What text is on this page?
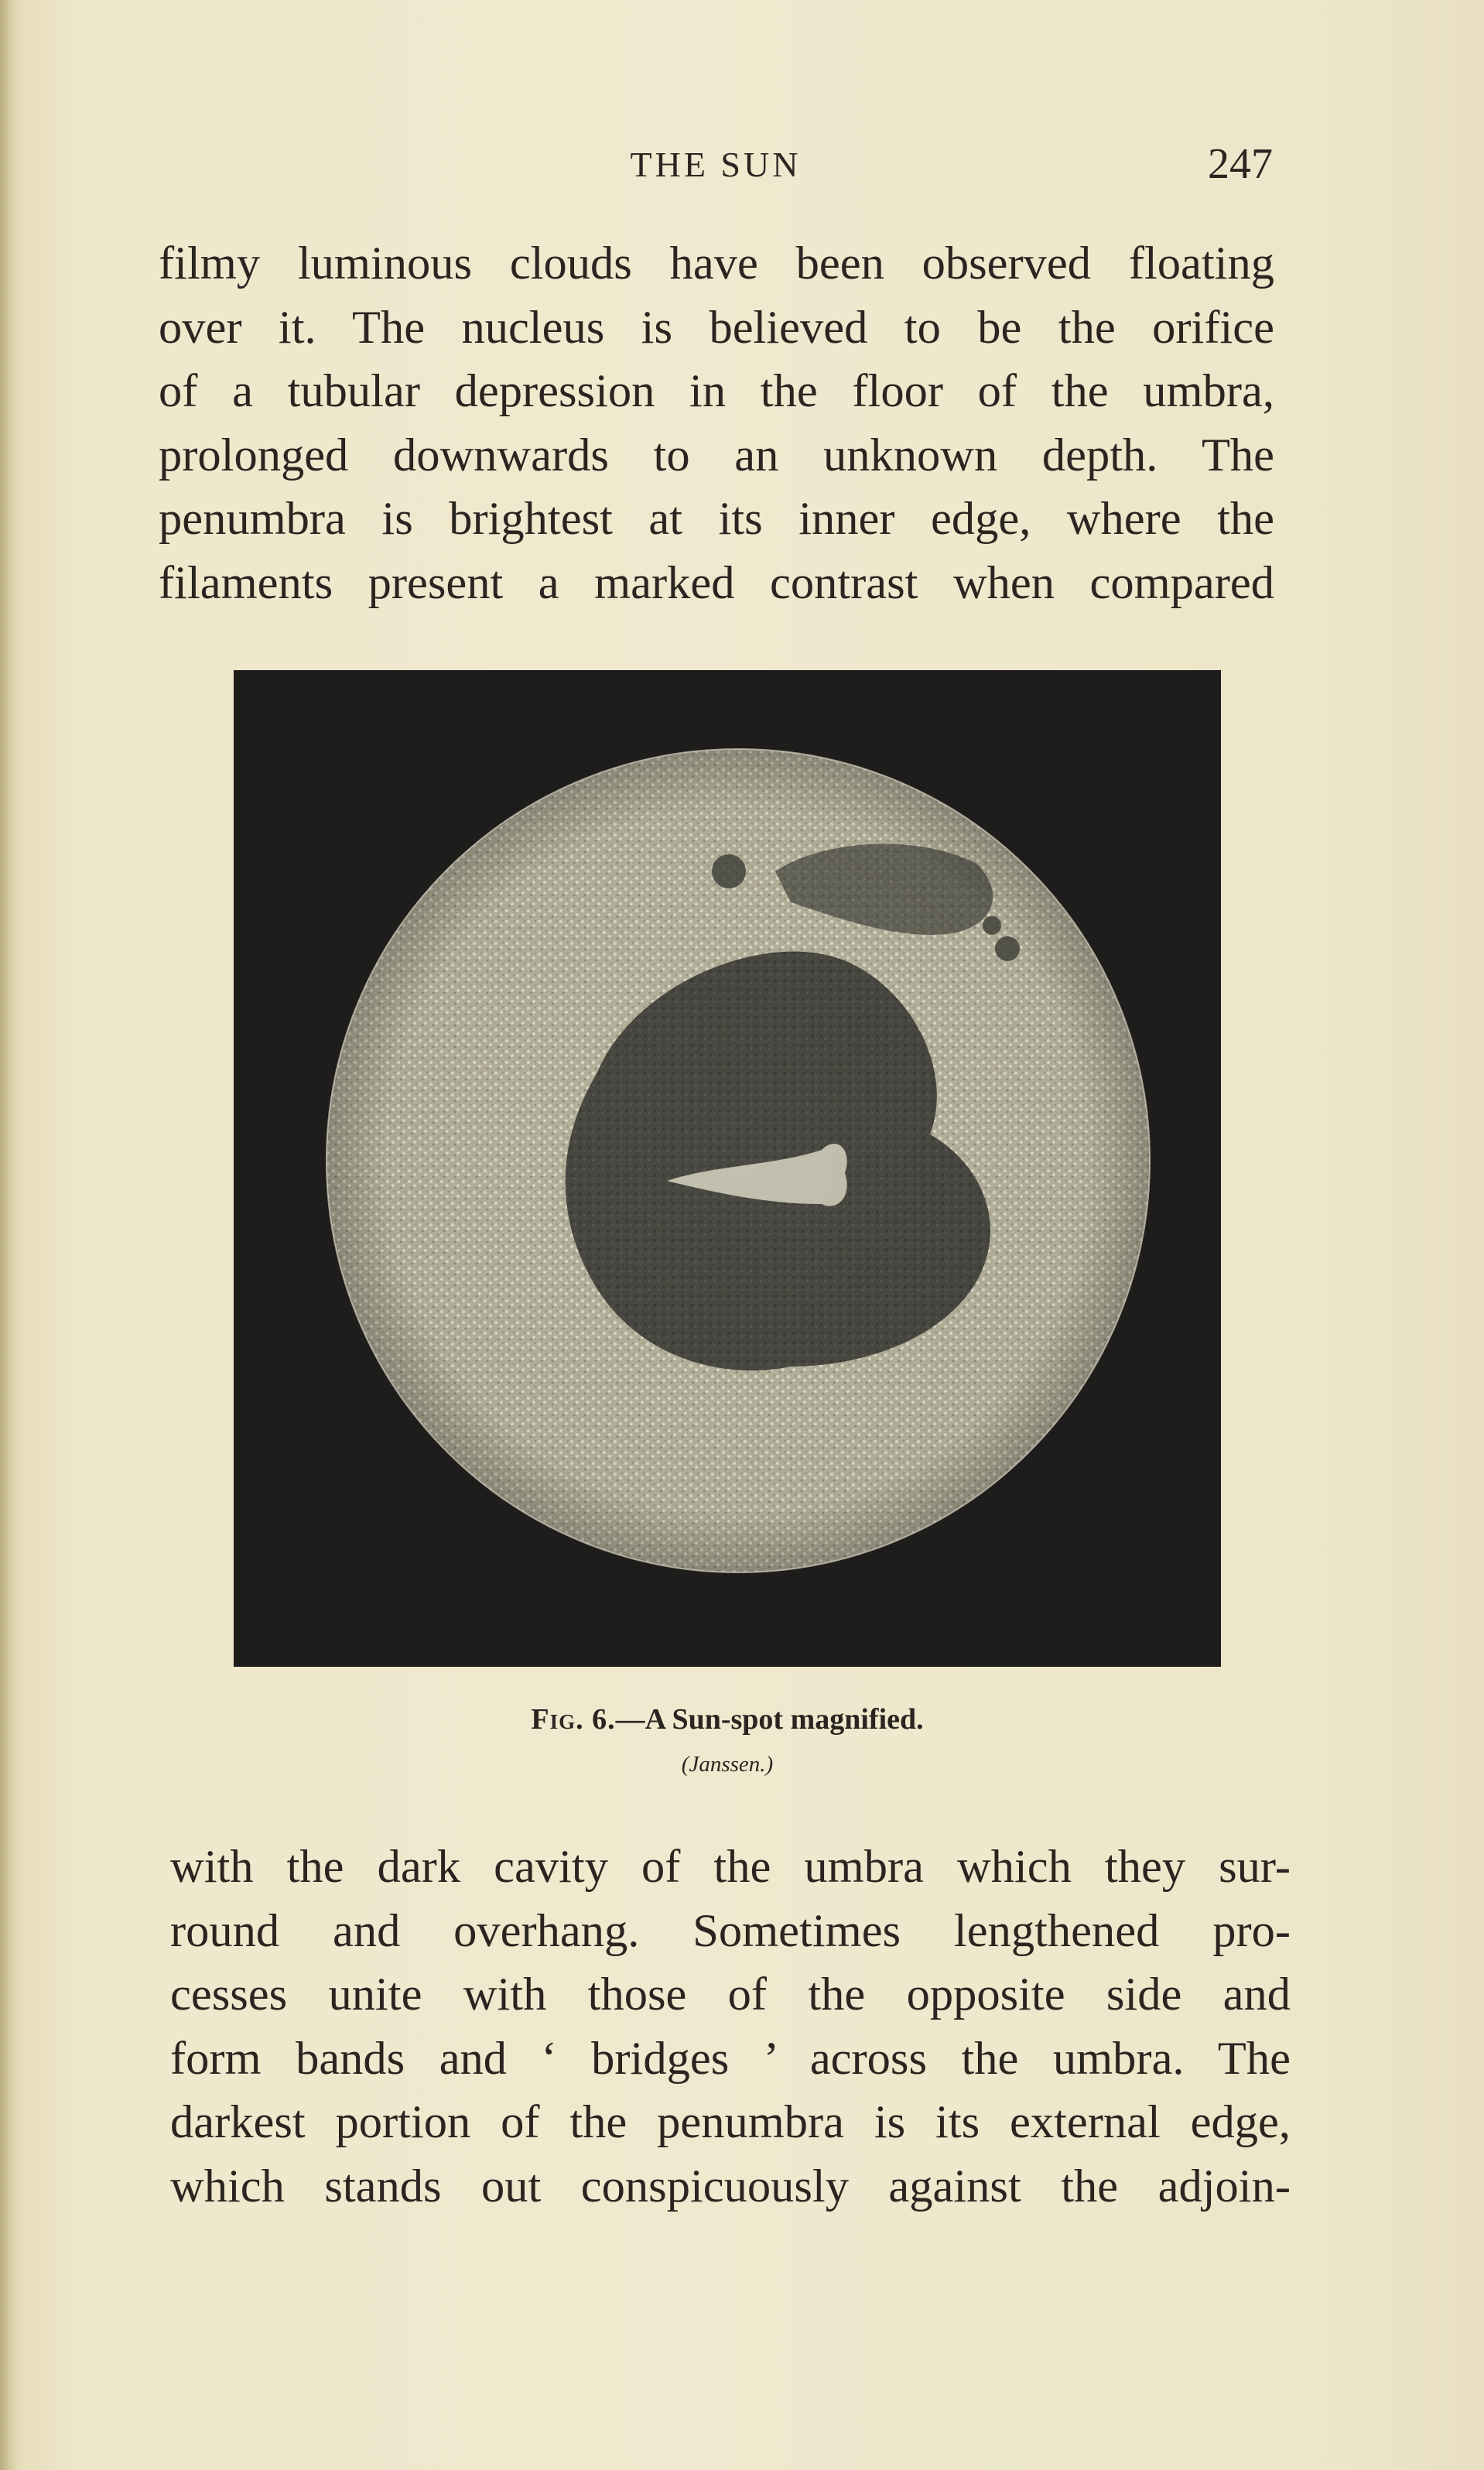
THE SUN	247
filmy luminous clouds have been observed floating
over it. The nucleus is believed to be the orifice
of a tubular depression in the floor of the umbra,
prolonged downwards to an unknown depth. The
penumbra is brightest at its inner edge, where the
filaments present a marked contrast when compared
Fig. 6.—A Sun-spot magnified.
(Janssen.)
with the dark cavity of the umbra which they sur-
round and overhang. Sometimes lengthened pro-
cesses unite with those of the opposite side and
form bands and ‘ bridges ’ across the umbra. The
darkest portion of the penumbra is its external edge,
which stands out conspicuously against the adjoin-
